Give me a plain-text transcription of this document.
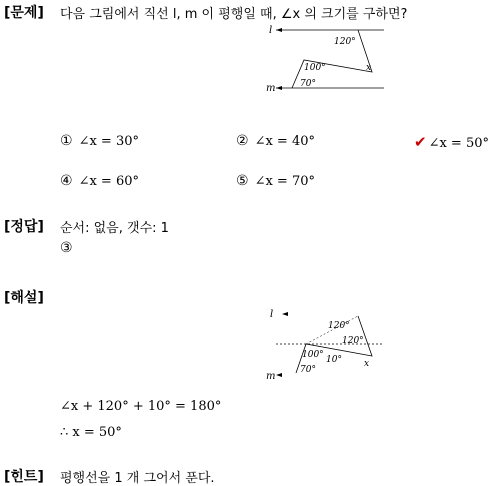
[문제] 다음 그림에서 직선 l, m 이 평행일 때, ∠x 의 크기를 구하면?
l
m
120°
100°
70°
x
① ∠x = 30°	② ∠x = 40°	✔ ∠x = 50°
④ ∠x = 60°	⑤ ∠x = 70°
[정답] 순서: 없음, 갯수: 1
③
[해설]
l
m
120°
120°
100° 10°
70°
x
∠x + 120° + 10° = 180°
∴ x = 50°
[힌트] 평행선을 1 개 그어서 푼다.
